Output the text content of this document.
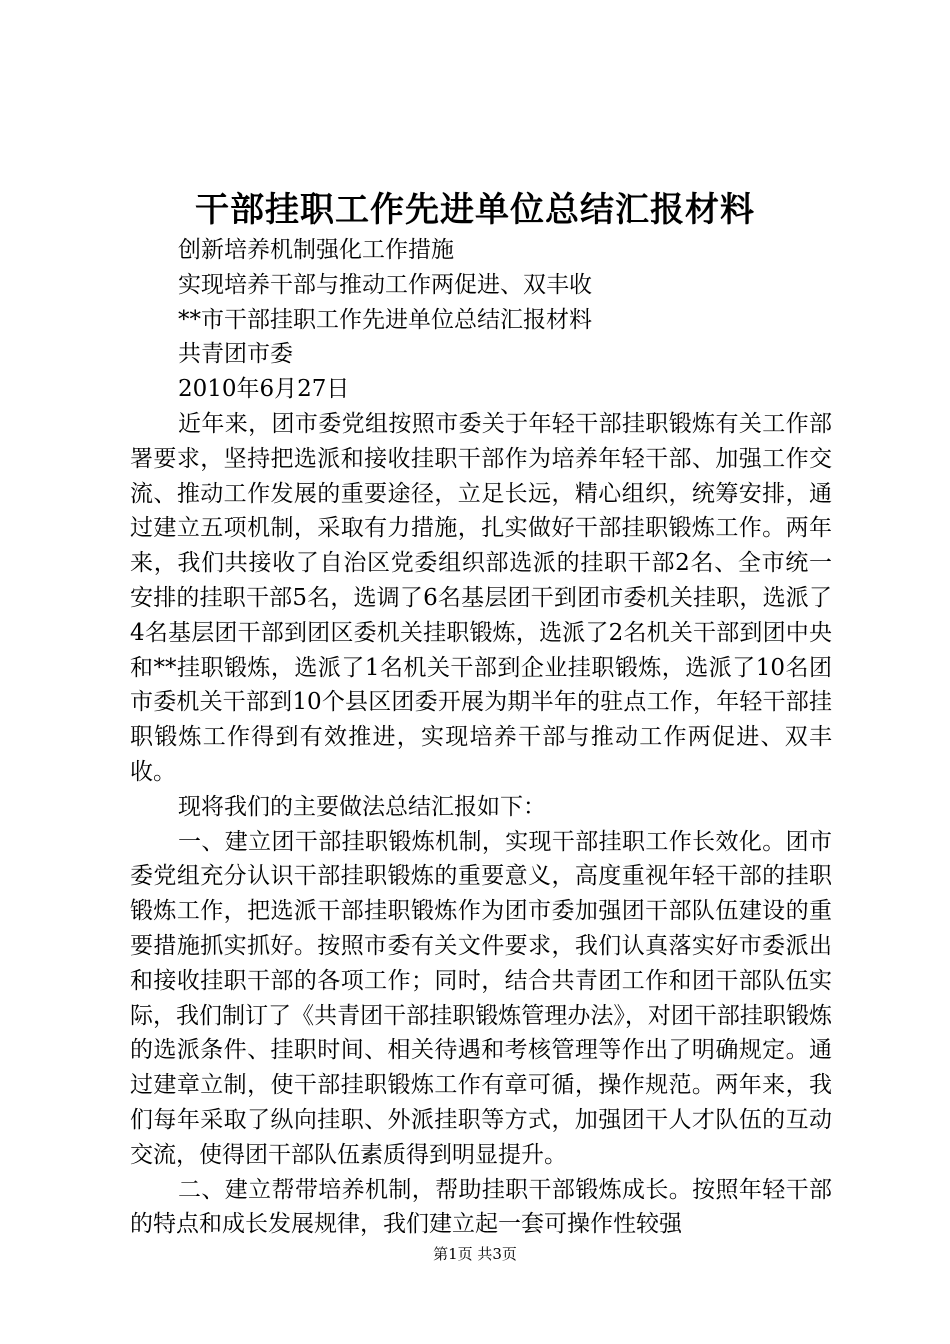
干部挂职工作先进单位总结汇报材料
创新培养机制强化工作措施
实现培养干部与推动工作两促进、双丰收
**市干部挂职工作先进单位总结汇报材料
共青团市委
2010年6月27日
近年来，团市委党组按照市委关于年轻干部挂职锻炼有关工作部署要求，坚持把选派和接收挂职干部作为培养年轻干部、加强工作交流、推动工作发展的重要途径，立足长远，精心组织，统筹安排，通过建立五项机制，采取有力措施，扎实做好干部挂职锻炼工作。两年来，我们共接收了自治区党委组织部选派的挂职干部2名、全市统一安排的挂职干部5名，选调了6名基层团干到团市委机关挂职，选派了4名基层团干部到团区委机关挂职锻炼，选派了2名机关干部到团中央和**挂职锻炼，选派了1名机关干部到企业挂职锻炼，选派了10名团市委机关干部到10个县区团委开展为期半年的驻点工作，年轻干部挂职锻炼工作得到有效推进，实现培养干部与推动工作两促进、双丰收。
现将我们的主要做法总结汇报如下：
一、建立团干部挂职锻炼机制，实现干部挂职工作长效化。团市委党组充分认识干部挂职锻炼的重要意义，高度重视年轻干部的挂职锻炼工作，把选派干部挂职锻炼作为团市委加强团干部队伍建设的重要措施抓实抓好。按照市委有关文件要求，我们认真落实好市委派出和接收挂职干部的各项工作；同时，结合共青团工作和团干部队伍实际，我们制订了《共青团干部挂职锻炼管理办法》，对团干部挂职锻炼的选派条件、挂职时间、相关待遇和考核管理等作出了明确规定。通过建章立制，使干部挂职锻炼工作有章可循，操作规范。两年来，我们每年采取了纵向挂职、外派挂职等方式，加强团干人才队伍的互动交流，使得团干部队伍素质得到明显提升。
二、建立帮带培养机制，帮助挂职干部锻炼成长。按照年轻干部的特点和成长发展规律，我们建立起一套可操作性较强
第1页 共3页
